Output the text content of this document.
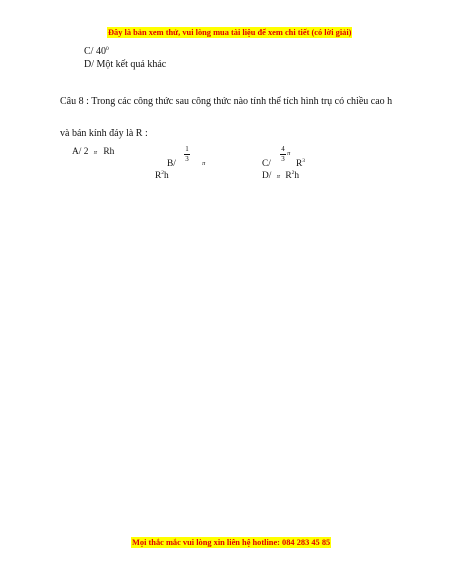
Đây là bản xem thử, vui lòng mua tài liệu để xem chi tiết (có lời giải)
C/ $40^0$
D/ Một kết quả khác
Câu 8 : Trong các công thức sau công thức nào tính thể tích hình trụ có chiều cao h
và bán kính đáy là R :
A/ 2 π Rh
B/
1
3
π
$R^2h$
C/
4
3
π
$R^3$
D/ π $R^2h$
Mọi thắc mắc vui lòng xin liên hệ hotline: 084 283 45 85
